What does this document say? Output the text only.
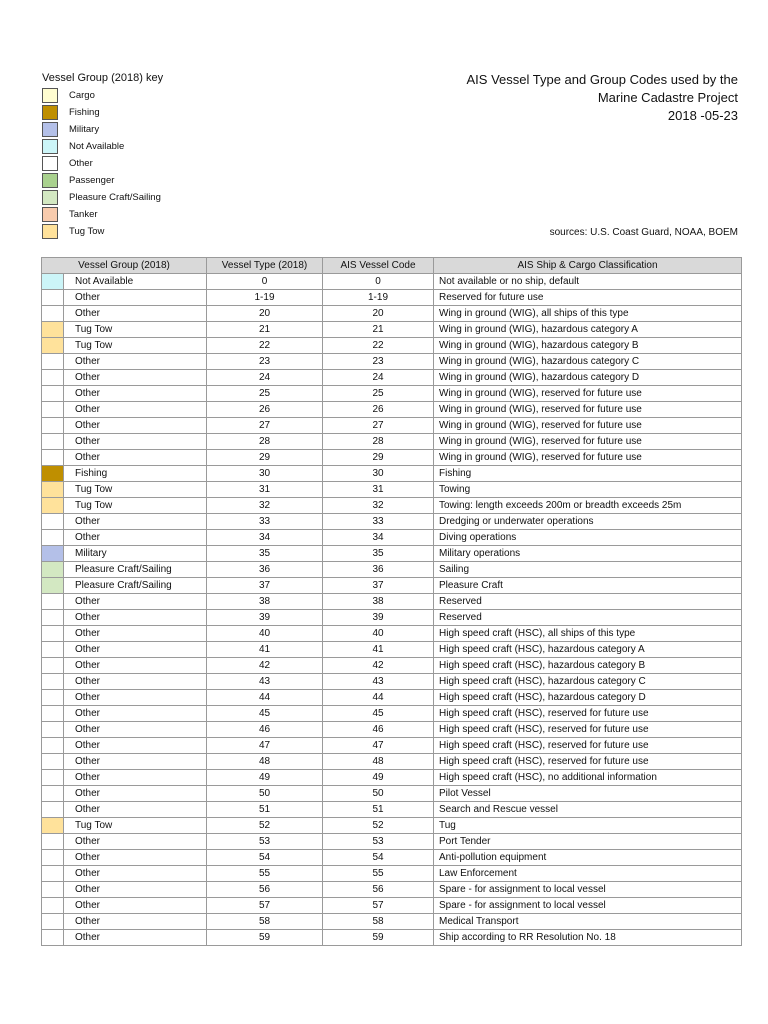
Vessel Group (2018) key
Cargo
Fishing
Military
Not Available
Other
Passenger
Pleasure Craft/Sailing
Tanker
Tug Tow
AIS Vessel Type and Group Codes used by the
Marine Cadastre Project
2018 -05-23
sources: U.S. Coast Guard, NOAA, BOEM
Vessel Group (2018)		Vessel Type (2018)	AIS Vessel Code	AIS Ship & Cargo Classification
	Not Available	0	0	Not available or no ship, default
	Other	1-19	1-19	Reserved for future use
	Other	20	20	Wing in ground (WIG), all ships of this type
	Tug Tow	21	21	Wing in ground (WIG), hazardous category A
	Tug Tow	22	22	Wing in ground (WIG), hazardous category B
	Other	23	23	Wing in ground (WIG), hazardous category C
	Other	24	24	Wing in ground (WIG), hazardous category D
	Other	25	25	Wing in ground (WIG), reserved for future use
	Other	26	26	Wing in ground (WIG), reserved for future use
	Other	27	27	Wing in ground (WIG), reserved for future use
	Other	28	28	Wing in ground (WIG), reserved for future use
	Other	29	29	Wing in ground (WIG), reserved for future use
	Fishing	30	30	Fishing
	Tug Tow	31	31	Towing
	Tug Tow	32	32	Towing: length exceeds 200m or breadth exceeds 25m
	Other	33	33	Dredging or underwater operations
	Other	34	34	Diving operations
	Military	35	35	Military operations
	Pleasure Craft/Sailing	36	36	Sailing
	Pleasure Craft/Sailing	37	37	Pleasure Craft
	Other	38	38	Reserved
	Other	39	39	Reserved
	Other	40	40	High speed craft (HSC), all ships of this type
	Other	41	41	High speed craft (HSC), hazardous category A
	Other	42	42	High speed craft (HSC), hazardous category B
	Other	43	43	High speed craft (HSC), hazardous category C
	Other	44	44	High speed craft (HSC), hazardous category D
	Other	45	45	High speed craft (HSC), reserved for future use
	Other	46	46	High speed craft (HSC), reserved for future use
	Other	47	47	High speed craft (HSC), reserved for future use
	Other	48	48	High speed craft (HSC), reserved for future use
	Other	49	49	High speed craft (HSC), no additional information
	Other	50	50	Pilot Vessel
	Other	51	51	Search and Rescue vessel
	Tug Tow	52	52	Tug
	Other	53	53	Port Tender
	Other	54	54	Anti-pollution equipment
	Other	55	55	Law Enforcement
	Other	56	56	Spare - for assignment to local vessel
	Other	57	57	Spare - for assignment to local vessel
	Other	58	58	Medical Transport
	Other	59	59	Ship according to RR Resolution No. 18
